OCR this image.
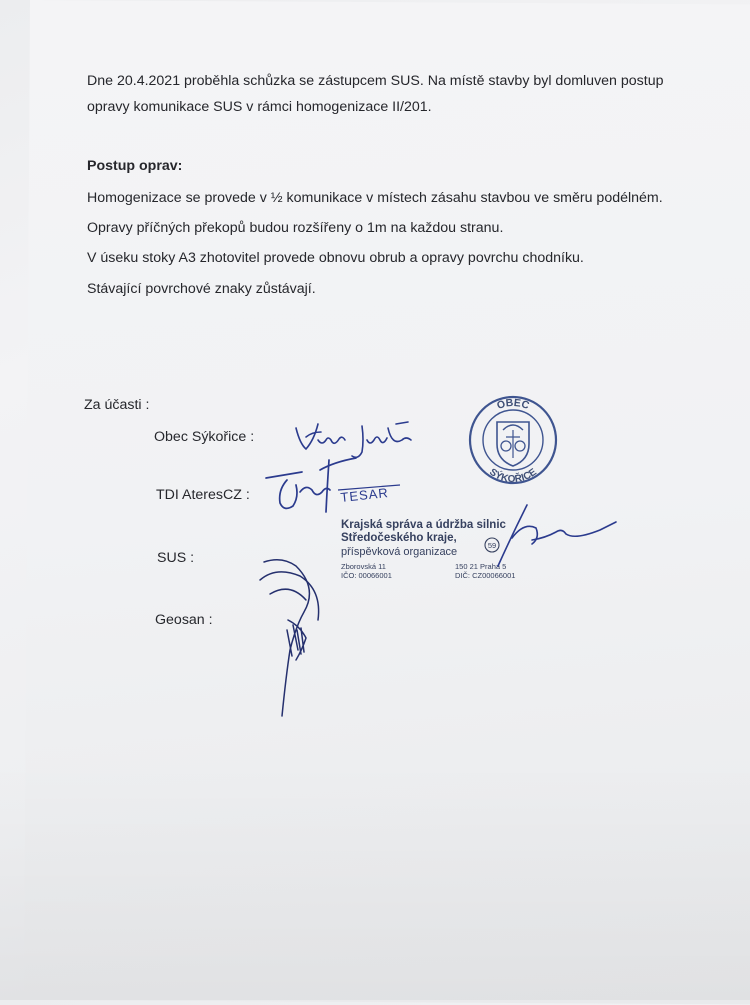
Dne 20.4.2021 proběhla schůzka se zástupcem SUS. Na místě stavby byl domluven postup
opravy komunikace SUS v rámci homogenizace II/201.
Postup oprav:
Homogenizace se provede v ½ komunikace v místech zásahu stavbou ve směru podélném.
Opravy příčných překopů budou rozšířeny o 1m na každou stranu.
V úseku stoky A3 zhotovitel provede obnovu obrub a opravy povrchu chodníku.
Stávající povrchové znaky zůstávají.
Za účasti :
Obec Sýkořice :
TDI AteresCZ :
SUS :
Geosan :
OBEC
SÝKOŘICE
TESAR
Krajská správa a údržba silnic
Středočeského kraje,
příspěvková organizace
Zborovská 11
IČO: 00066001
150 21 Praha 5
DIČ: CZ00066001
59
